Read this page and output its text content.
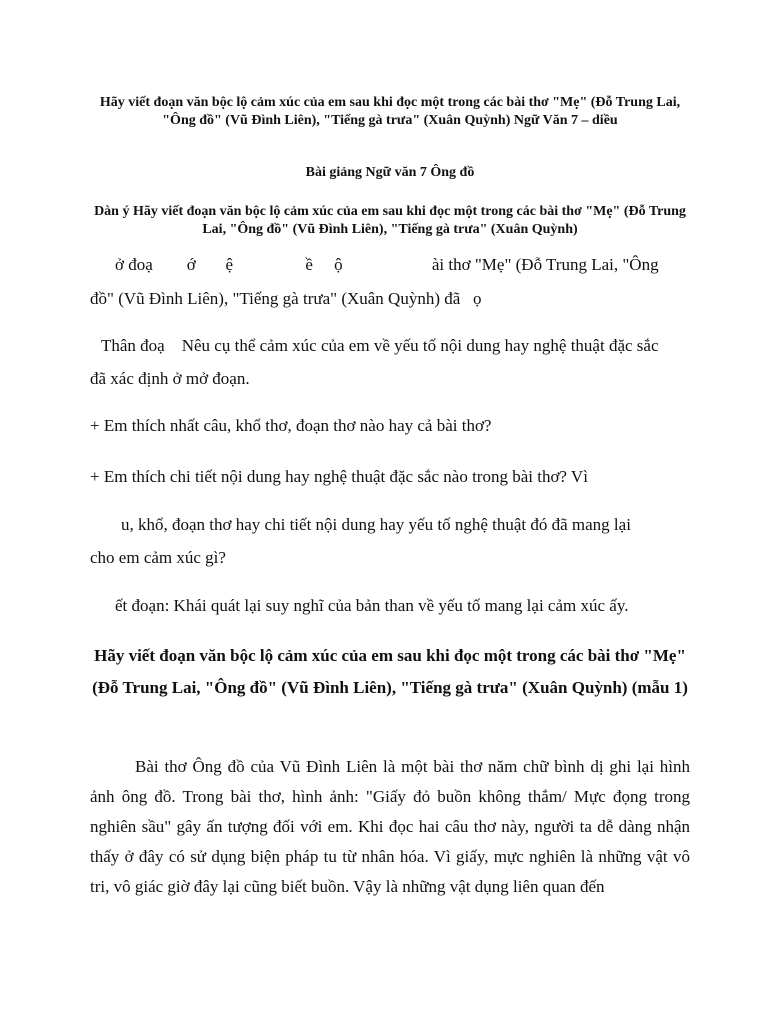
Hãy viết đoạn văn bộc lộ cảm xúc của em sau khi đọc một trong các bài thơ "Mẹ" (Đỗ Trung Lai, "Ông đồ" (Vũ Đình Liên), "Tiếng gà trưa" (Xuân Quỳnh) Ngữ Văn 7 – diều

Bài giảng Ngữ văn 7 Ông đồ

Dàn ý Hãy viết đoạn văn bộc lộ cảm xúc của em sau khi đọc một trong các bài thơ "Mẹ" (Đỗ Trung Lai, "Ông đồ" (Vũ Đình Liên), "Tiếng gà trưa" (Xuân Quỳnh)

ở đoạ        ớ       ệ                 ề     ộ                     ài thơ "Mẹ" (Đỗ Trung Lai, "Ông

đồ" (Vũ Đình Liên), "Tiếng gà trưa" (Xuân Quỳnh) đã   ọ

Thân đoạ    Nêu cụ thể cảm xúc của em về yếu tố nội dung hay nghệ thuật đặc sắc

đã xác định ở mở đoạn.

+ Em thích nhất câu, khổ thơ, đoạn thơ nào hay cả bài thơ?

+ Em thích chi tiết nội dung hay nghệ thuật đặc sắc nào trong bài thơ? Vì

u, khổ, đoạn thơ hay chi tiết nội dung hay yếu tố nghệ thuật đó đã mang lại

cho em cảm xúc gì?

ết đoạn: Khái quát lại suy nghĩ của bản than về yếu tố mang lại cảm xúc ấy.

Hãy viết đoạn văn bộc lộ cảm xúc của em sau khi đọc một trong các bài thơ "Mẹ" (Đỗ Trung Lai, "Ông đồ" (Vũ Đình Liên), "Tiếng gà trưa" (Xuân Quỳnh) (mẫu 1)

Bài thơ Ông đồ của Vũ Đình Liên là một bài thơ năm chữ bình dị ghi lại hình ảnh ông đồ. Trong bài thơ, hình ảnh: "Giấy đỏ buồn không thắm/ Mực đọng trong nghiên sầu" gây ấn tượng đối với em. Khi đọc hai câu thơ này, người ta dễ dàng nhận thấy ở đây có sử dụng biện pháp tu từ nhân hóa. Vì giấy, mực nghiên là những vật vô tri, vô giác giờ đây lại cũng biết buồn. Vậy là những vật dụng liên quan đến
